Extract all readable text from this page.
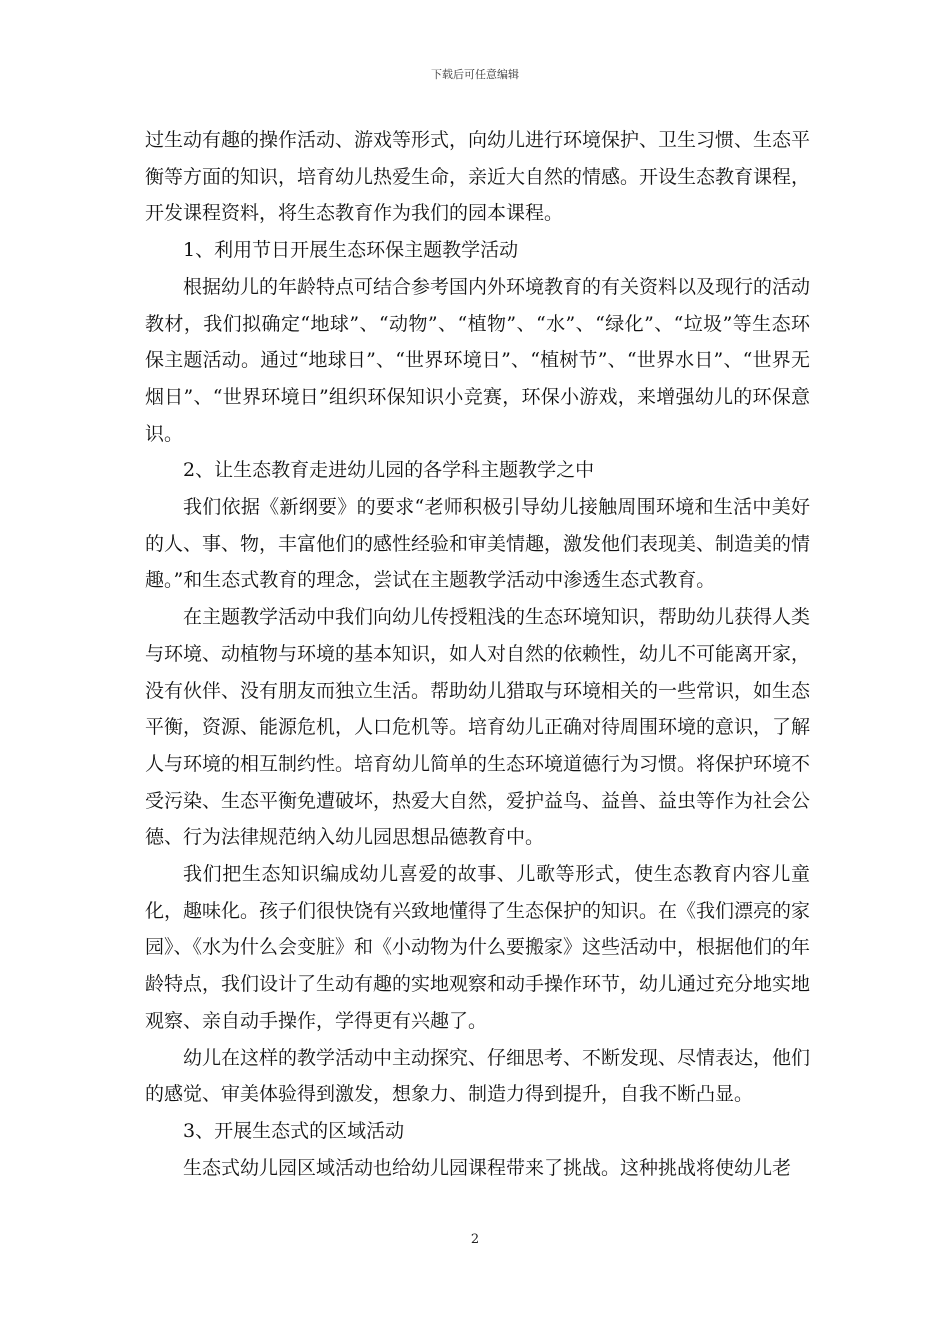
下载后可任意编辑

过生动有趣的操作活动、游戏等形式，向幼儿进行环境保护、卫生习惯、生态平衡等方面的知识，培育幼儿热爱生命，亲近大自然的情感。开设生态教育课程，开发课程资料，将生态教育作为我们的园本课程。

1、利用节日开展生态环保主题教学活动

根据幼儿的年龄特点可结合参考国内外环境教育的有关资料以及现行的活动教材，我们拟确定“地球”、“动物”、“植物”、“水”、“绿化”、“垃圾”等生态环保主题活动。通过“地球日”、“世界环境日”、“植树节”、“世界水日”、“世界无烟日”、“世界环境日”组织环保知识小竞赛，环保小游戏，来增强幼儿的环保意识。

2、让生态教育走进幼儿园的各学科主题教学之中

我们依据《新纲要》的要求“老师积极引导幼儿接触周围环境和生活中美好的人、事、物，丰富他们的感性经验和审美情趣，激发他们表现美、制造美的情趣。”和生态式教育的理念，尝试在主题教学活动中渗透生态式教育。

在主题教学活动中我们向幼儿传授粗浅的生态环境知识，帮助幼儿获得人类与环境、动植物与环境的基本知识，如人对自然的依赖性，幼儿不可能离开家，没有伙伴、没有朋友而独立生活。帮助幼儿猎取与环境相关的一些常识，如生态平衡，资源、能源危机，人口危机等。培育幼儿正确对待周围环境的意识，了解人与环境的相互制约性。培育幼儿简单的生态环境道德行为习惯。将保护环境不受污染、生态平衡免遭破坏，热爱大自然，爱护益鸟、益兽、益虫等作为社会公德、行为法律规范纳入幼儿园思想品德教育中。

我们把生态知识编成幼儿喜爱的故事、儿歌等形式，使生态教育内容儿童化，趣味化。孩子们很快饶有兴致地懂得了生态保护的知识。在《我们漂亮的家园》、《水为什么会变脏》和《小动物为什么要搬家》这些活动中，根据他们的年龄特点，我们设计了生动有趣的实地观察和动手操作环节，幼儿通过充分地实地观察、亲自动手操作，学得更有兴趣了。

幼儿在这样的教学活动中主动探究、仔细思考、不断发现、尽情表达，他们的感觉、审美体验得到激发，想象力、制造力得到提升，自我不断凸显。

3、开展生态式的区域活动

生态式幼儿园区域活动也给幼儿园课程带来了挑战。这种挑战将使幼儿老

2
